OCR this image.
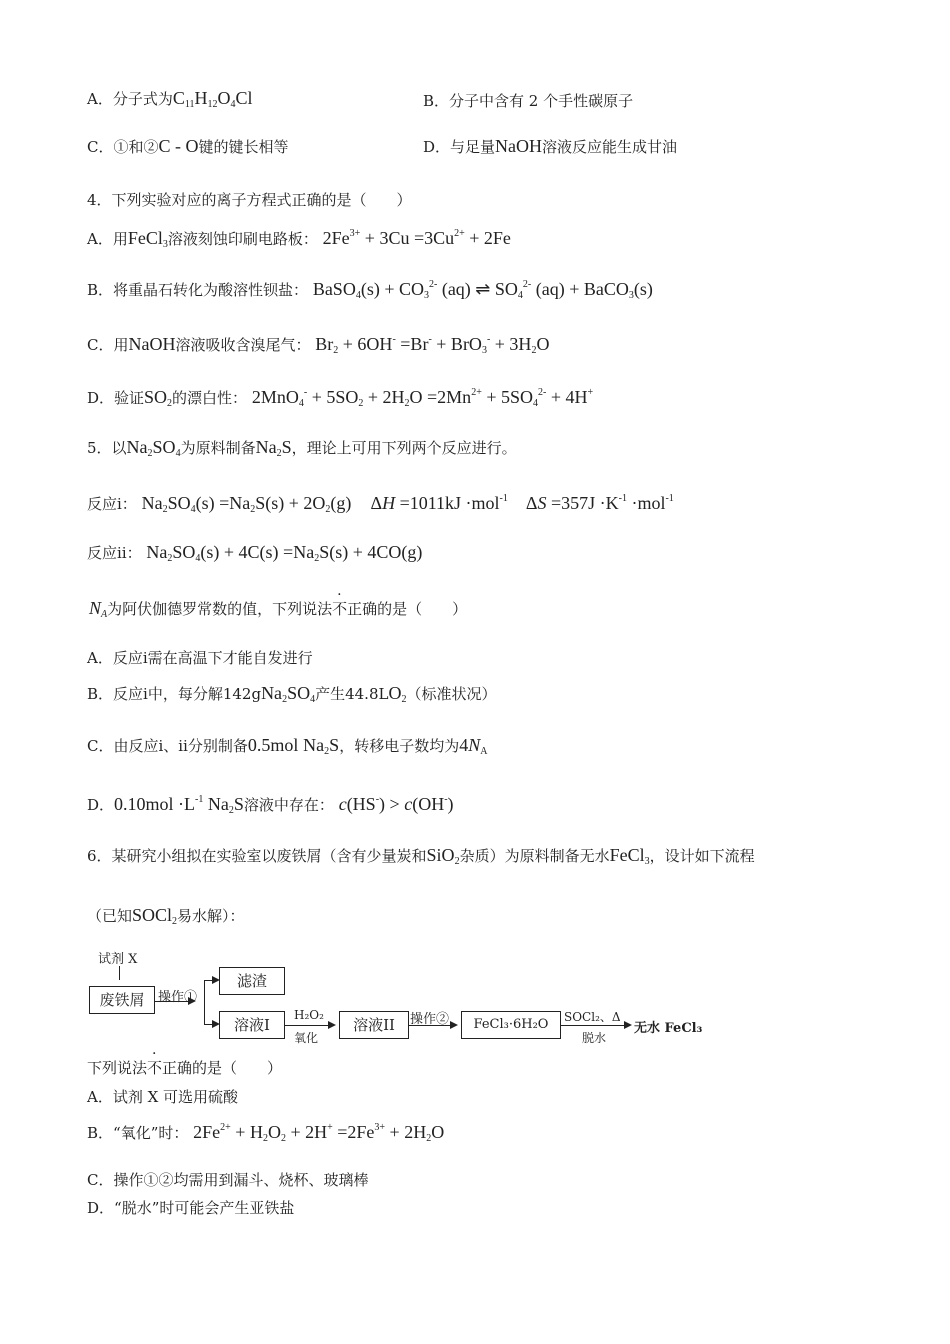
A．分子式为$C_{11}H_{12}O_4Cl$	B．分子中含有 2 个手性碳原子
C．①和②C - O键的键长相等	D．与足量NaOH溶液反应能生成甘油
4．下列实验对应的离子方程式正确的是（　　）
A．用FeCl$_3$溶液刻蚀印刷电路板： $2Fe^{3+} + 3Cu =3Cu^{2+} + 2Fe$
B．将重晶石转化为酸溶性钡盐： BaSO$_4$(s) + $CO_3^{2-}$ (aq) ⇌ $SO_4^{2-}$ (aq) + BaCO$_3$(s)
C．用NaOH溶液吸收含溴尾气： $Br_2 + 6OH^- =Br^- + BrO_3^- + 3H_2O$
D．验证$SO_2$的漂白性： $2MnO_4^- + 5SO_2 + 2H_2O =2Mn^{2+} + 5SO_4^{2-} + 4H^+$
5．以$Na_2SO_4$为原料制备$Na_2S$，理论上可用下列两个反应进行。
反应ⅰ： $Na_2SO_4(s) =Na_2S(s) + 2O_2(g)$ ΔH =1011kJ ·mol$^{-1}$    $\Delta S =357J \cdot K^{-1} \cdot mol^{-1}$
反应ⅱ： $Na_2SO_4(s) + 4C(s) =Na_2S(s) + 4CO(g)$
$N_A$为阿伏伽德罗常数的值，下列说法不正确的是（　　）
A．反应ⅰ需在高温下才能自发进行
B．反应ⅰ中，每分解$142gNa_2SO_4$产生$44.8LO_2$（标准状况）
C．由反应ⅰ、ⅱ分别制备0.5mol $Na_2S$，转移电子数均为$4N_A$
D．$0.10mol \cdot L^{-1}$ $Na_2S$溶液中存在： c(HS-) > c(OH-)
6．某研究小组拟在实验室以废铁屑（含有少量炭和SiO$_2$杂质）为原料制备无水FeCl$_3$，设计如下流程
（已知SOCl$_2$易水解）：
试剂 X
废铁屑	操作①
滤渣
溶液I
H₂O₂
氧化
溶液II	操作②	FeCl₃·6H₂O	SOCl₂、Δ
脱水
无水 FeCl₃
下列说法不正确的是（　　）
A．试剂 X 可选用硫酸
B．“氧化”时： $2Fe^{2+} + H_2O_2 + 2H^+ =2Fe^{3+} + 2H_2O$
C．操作①②均需用到漏斗、烧杯、玻璃棒
D．“脱水”时可能会产生亚铁盐
